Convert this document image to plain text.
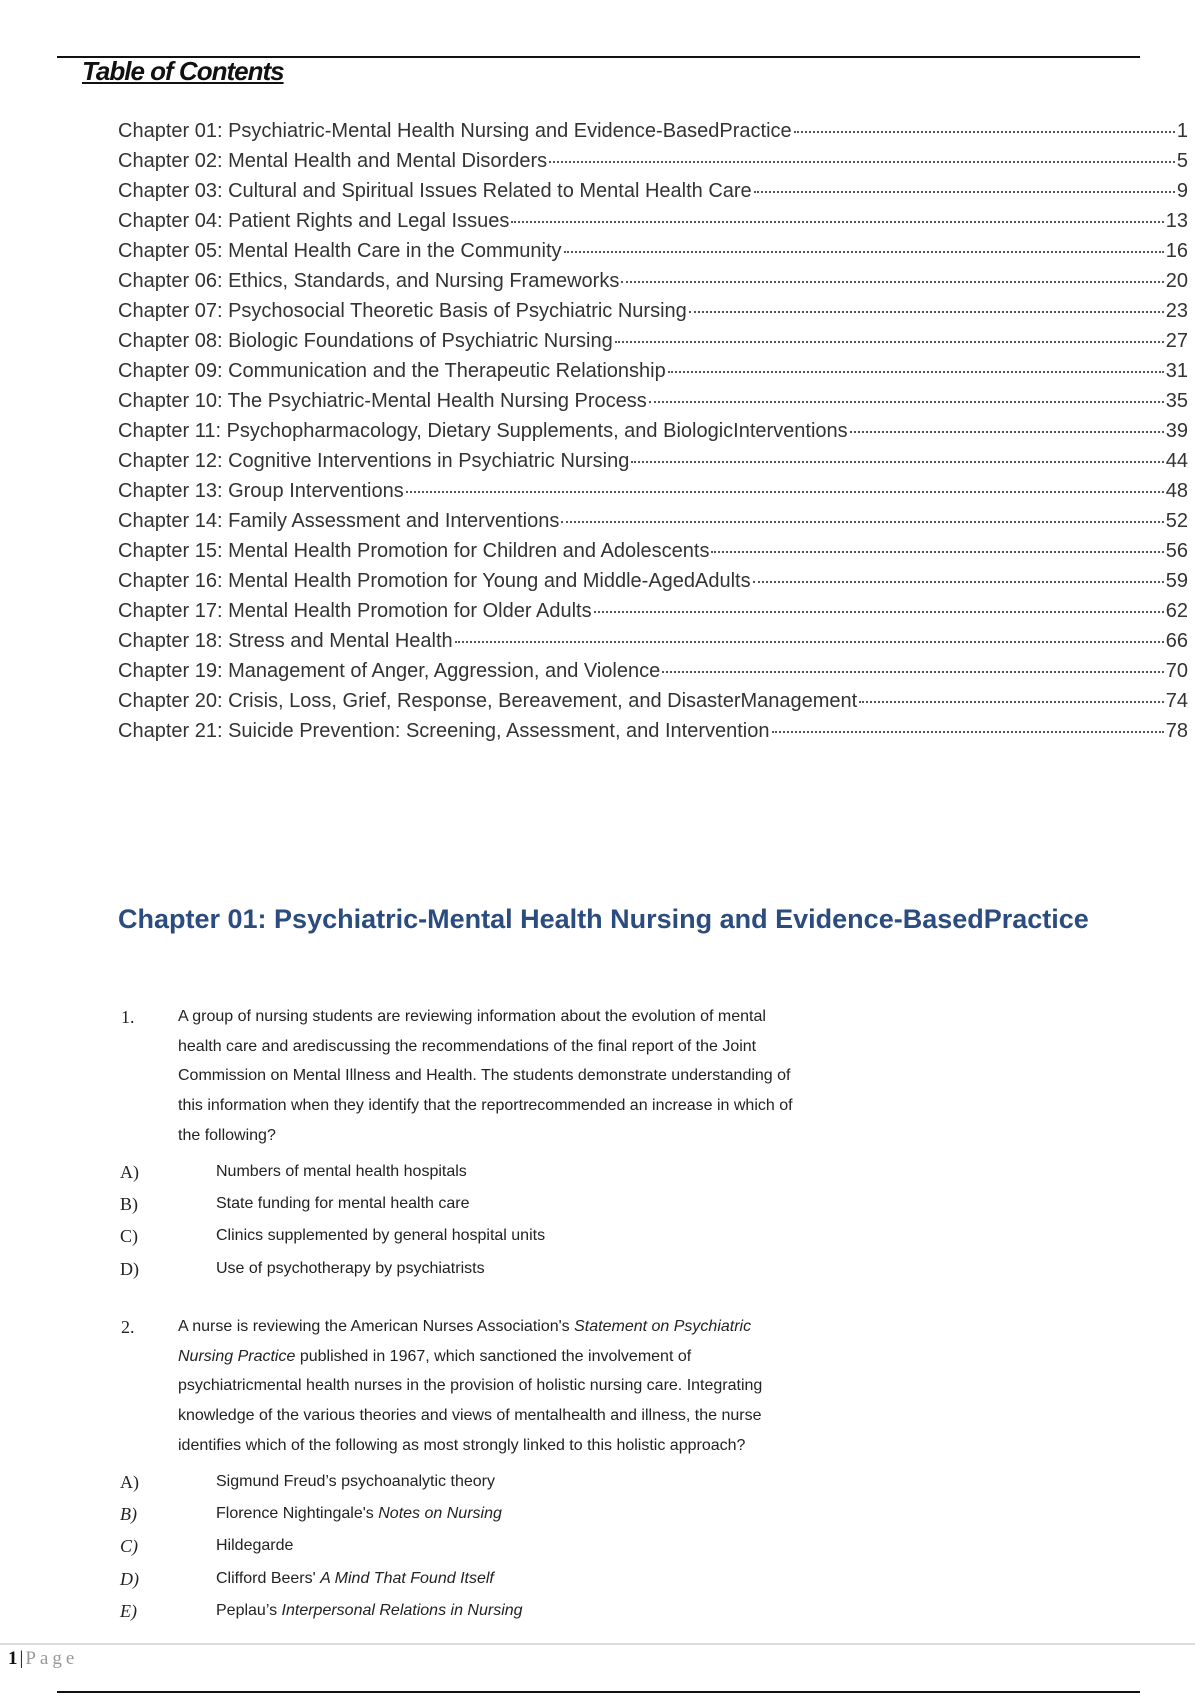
Table of Contents
Chapter 01: Psychiatric-Mental Health Nursing and Evidence-BasedPractice	1
Chapter 02: Mental Health and Mental Disorders	5
Chapter 03: Cultural and Spiritual Issues Related to Mental Health Care	9
Chapter 04: Patient Rights and Legal Issues	13
Chapter 05: Mental Health Care in the Community	16
Chapter 06: Ethics, Standards, and Nursing Frameworks	20
Chapter 07: Psychosocial Theoretic Basis of Psychiatric Nursing	23
Chapter 08: Biologic Foundations of Psychiatric Nursing	27
Chapter 09: Communication and the Therapeutic Relationship	31
Chapter 10: The Psychiatric-Mental Health Nursing Process	35
Chapter 11: Psychopharmacology, Dietary Supplements, and BiologicInterventions	39
Chapter 12: Cognitive Interventions in Psychiatric Nursing	44
Chapter 13: Group Interventions	48
Chapter 14: Family Assessment and Interventions	52
Chapter 15: Mental Health Promotion for Children and Adolescents	56
Chapter 16: Mental Health Promotion for Young and Middle-AgedAdults	59
Chapter 17: Mental Health Promotion for Older Adults	62
Chapter 18: Stress and Mental Health	66
Chapter 19: Management of Anger, Aggression, and Violence	70
Chapter 20: Crisis, Loss, Grief, Response, Bereavement, and DisasterManagement	74
Chapter 21: Suicide Prevention: Screening, Assessment, and Intervention	78
Chapter 01: Psychiatric-Mental Health Nursing and Evidence-BasedPractice
1.	A group of nursing students are reviewing information about the evolution of mental
health care and arediscussing the recommendations of the final report of the Joint
Commission on Mental Illness and Health. The students demonstrate understanding of
this information when they identify that the reportrecommended an increase in which of
the following?
A)	Numbers of mental health hospitals
B)	State funding for mental health care
C)	Clinics supplemented by general hospital units
D)	Use of psychotherapy by psychiatrists
2.	A nurse is reviewing the American Nurses Association's Statement on Psychiatric
Nursing Practice published in 1967, which sanctioned the involvement of
psychiatricmental health nurses in the provision of holistic nursing care. Integrating
knowledge of the various theories and views of mentalhealth and illness, the nurse
identifies which of the following as most strongly linked to this holistic approach?
A)	Sigmund Freud’s psychoanalytic theory
B)	Florence Nightingale's Notes on Nursing
C)	Hildegarde
D)	Clifford Beers' A Mind That Found Itself
E)	Peplau’s Interpersonal Relations in Nursing
1 | Page
